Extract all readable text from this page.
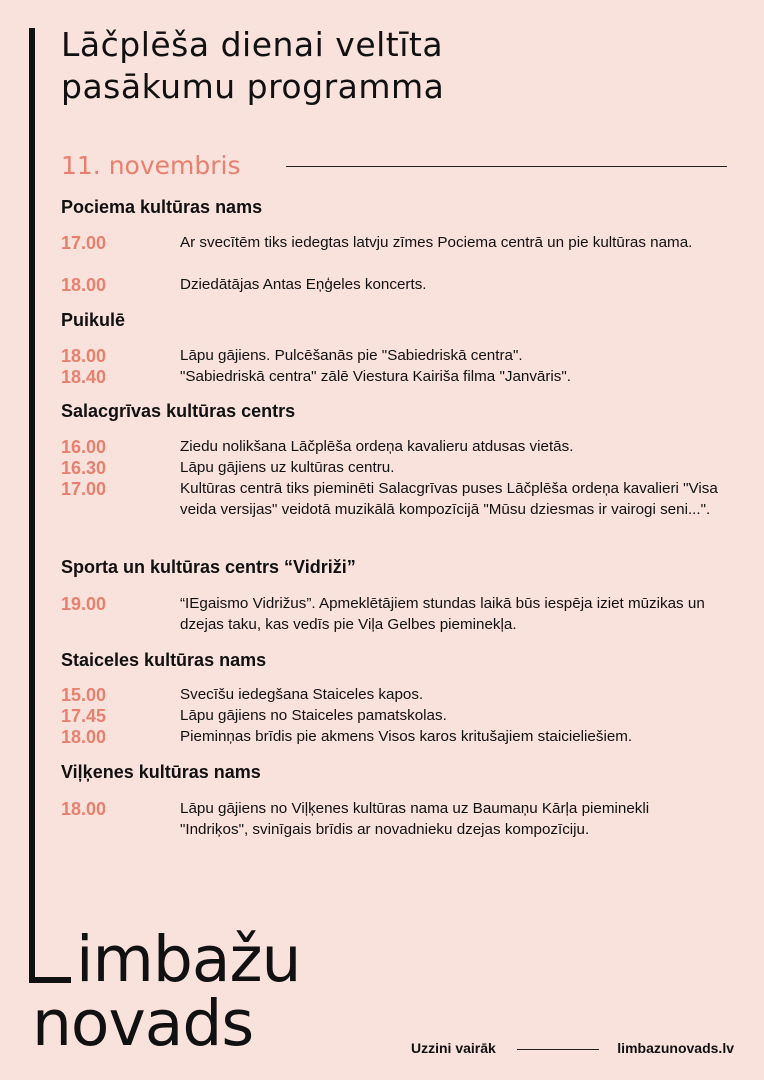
Lāčplēša dienai veltīta
pasākumu programma
11. novembris
Pociema kultūras nams
17.00	Ar svecītēm tiks iedegtas latvju zīmes Pociema centrā un pie kultūras nama.
18.00	Dziedātājas Antas Eņģeles koncerts.
Puikulē
18.00	Lāpu gājiens. Pulcēšanās pie "Sabiedriskā centra".
18.40	"Sabiedriskā centra" zālē Viestura Kairiša filma "Janvāris".
Salacgrīvas kultūras centrs
16.00	Ziedu nolikšana Lāčplēša ordeņa kavalieru atdusas vietās.
16.30	Lāpu gājiens uz kultūras centru.
17.00	Kultūras centrā tiks pieminēti Salacgrīvas puses Lāčplēša ordeņa kavalieri "Visa veida versijas" veidotā muzikālā kompozīcijā "Mūsu dziesmas ir vairogi seni...".
Sporta un kultūras centrs “Vidriži”
19.00	“IEgaismo Vidrižus”. Apmeklētājiem stundas laikā būs iespēja iziet mūzikas un dzejas taku, kas vedīs pie Viļa Gelbes pieminekļa.
Staiceles kultūras nams
15.00	Svecīšu iedegšana Staiceles kapos.
17.45	Lāpu gājiens no Staiceles pamatskolas.
18.00	Pieminņas brīdis pie akmens Visos karos kritušajiem staicieliešiem.
Viļķenes kultūras nams
18.00	Lāpu gājiens no Viļķenes kultūras nama uz Baumaņu Kārļa pieminekli "Indriķos", svinīgais brīdis ar novadnieku dzejas kompozīciju.
imbažu
novads	Uzzini vairāk	limbazunovads.lv
